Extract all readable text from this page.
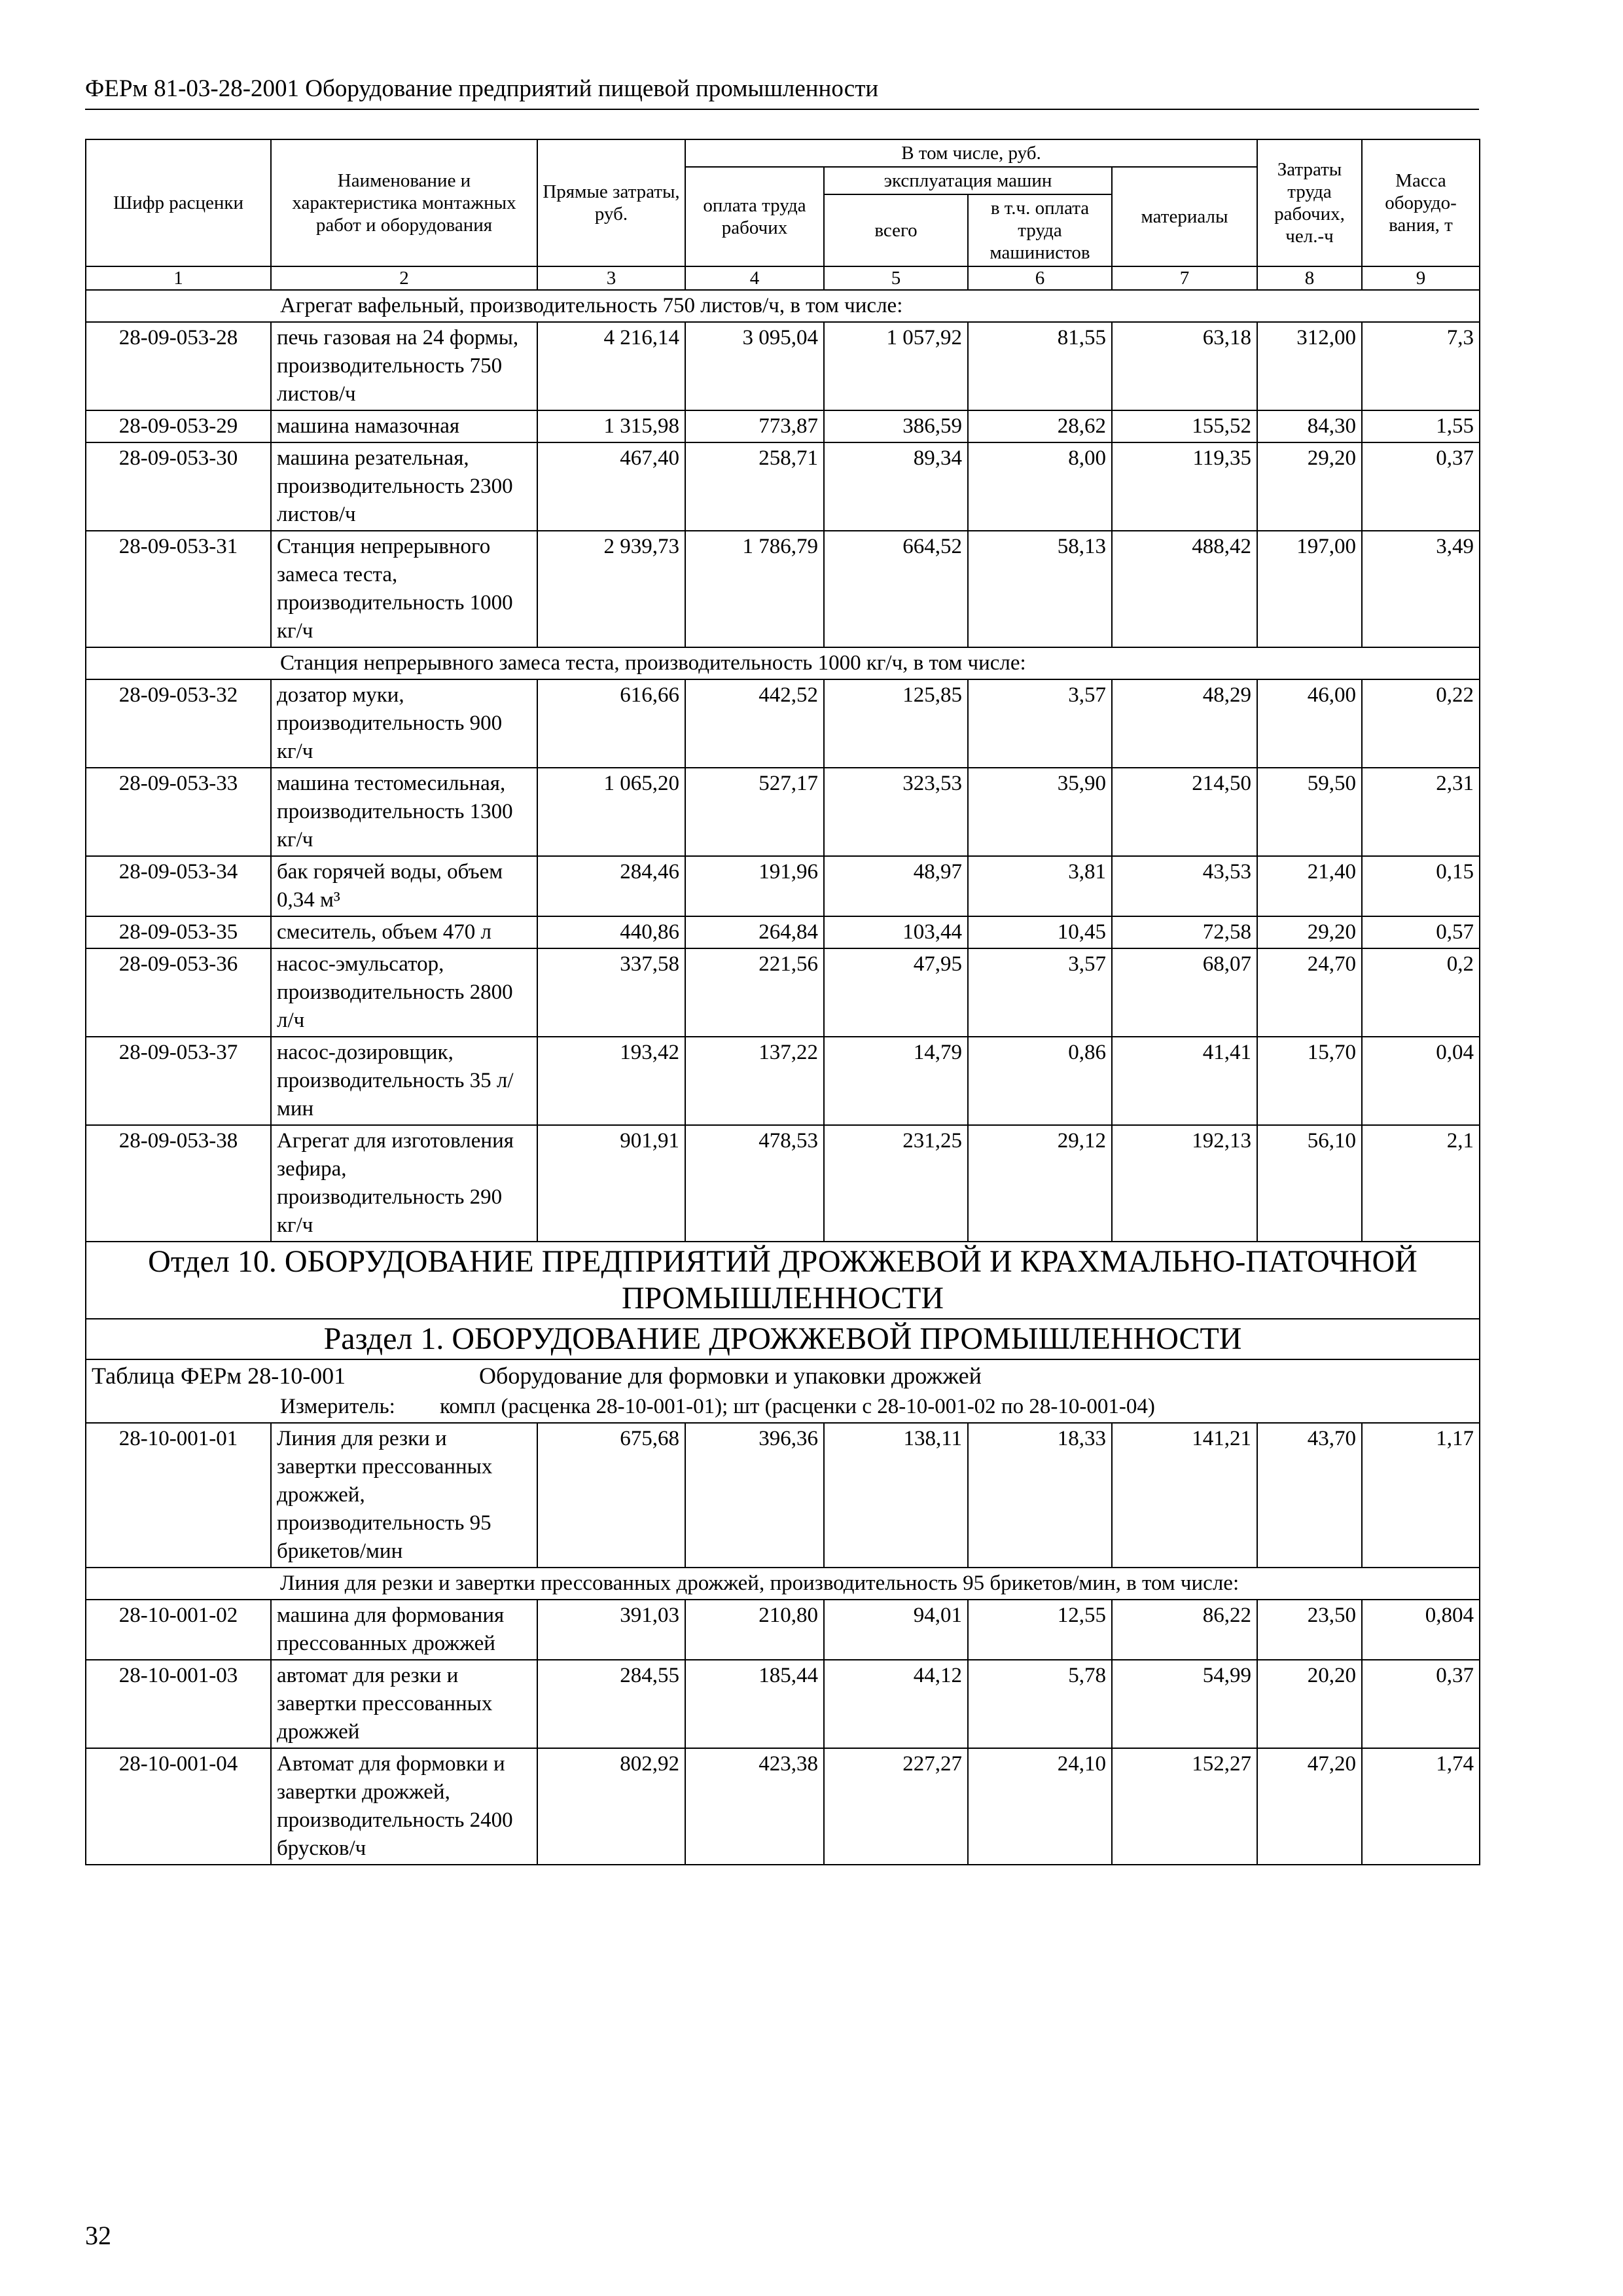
ФЕРм 81-03-28-2001 Оборудование предприятий пищевой промышленности
Шифр расценки	Наименование и характеристика монтажных работ и оборудования	Прямые затраты, руб.	В том числе, руб.				Затраты труда рабочих, чел.-ч	Масса оборудо-вания, т
			оплата труда рабочих	эксплуатация машин		материалы		
				всего	в т.ч. оплата труда машинистов			
1	2	3	4	5	6	7	8	9
Агрегат вафельный, производительность 750 листов/ч, в том числе:								
28-09-053-28	печь газовая на 24 формы, производительность 750 листов/ч	4 216,14	3 095,04	1 057,92	81,55	63,18	312,00	7,3
28-09-053-29	машина намазочная	1 315,98	773,87	386,59	28,62	155,52	84,30	1,55
28-09-053-30	машина резательная, производительность 2300 листов/ч	467,40	258,71	89,34	8,00	119,35	29,20	0,37
28-09-053-31	Станция непрерывного замеса теста, производительность 1000 кг/ч	2 939,73	1 786,79	664,52	58,13	488,42	197,00	3,49
Станция непрерывного замеса теста, производительность 1000 кг/ч, в том числе:								
28-09-053-32	дозатор муки, производительность 900 кг/ч	616,66	442,52	125,85	3,57	48,29	46,00	0,22
28-09-053-33	машина тестомесильная, производительность 1300 кг/ч	1 065,20	527,17	323,53	35,90	214,50	59,50	2,31
28-09-053-34	бак горячей воды, объем 0,34 м³	284,46	191,96	48,97	3,81	43,53	21,40	0,15
28-09-053-35	смеситель, объем 470 л	440,86	264,84	103,44	10,45	72,58	29,20	0,57
28-09-053-36	насос-эмульсатор, производительность 2800 л/ч	337,58	221,56	47,95	3,57	68,07	24,70	0,2
28-09-053-37	насос-дозировщик, производительность 35 л/мин	193,42	137,22	14,79	0,86	41,41	15,70	0,04
28-09-053-38	Агрегат для изготовления зефира, производительность 290 кг/ч	901,91	478,53	231,25	29,12	192,13	56,10	2,1
Отдел 10. ОБОРУДОВАНИЕ ПРЕДПРИЯТИЙ ДРОЖЖЕВОЙ И КРАХМАЛЬНО-ПАТОЧНОЙ ПРОМЫШЛЕННОСТИ								
Раздел 1. ОБОРУДОВАНИЕ ДРОЖЖЕВОЙ ПРОМЫШЛЕННОСТИ								
Таблица ФЕРм 28-10-001 Оборудование для формовки и упаковки дрожжей								
Измеритель: компл (расценка 28-10-001-01); шт (расценки с 28-10-001-02 по 28-10-001-04)								
28-10-001-01	Линия для резки и завертки прессованных дрожжей, производительность 95 брикетов/мин	675,68	396,36	138,11	18,33	141,21	43,70	1,17
Линия для резки и завертки прессованных дрожжей, производительность 95 брикетов/мин, в том числе:								
28-10-001-02	машина для формования прессованных дрожжей	391,03	210,80	94,01	12,55	86,22	23,50	0,804
28-10-001-03	автомат для резки и завертки прессованных дрожжей	284,55	185,44	44,12	5,78	54,99	20,20	0,37
28-10-001-04	Автомат для формовки и завертки дрожжей, производительность 2400 брусков/ч	802,92	423,38	227,27	24,10	152,27	47,20	1,74
32
